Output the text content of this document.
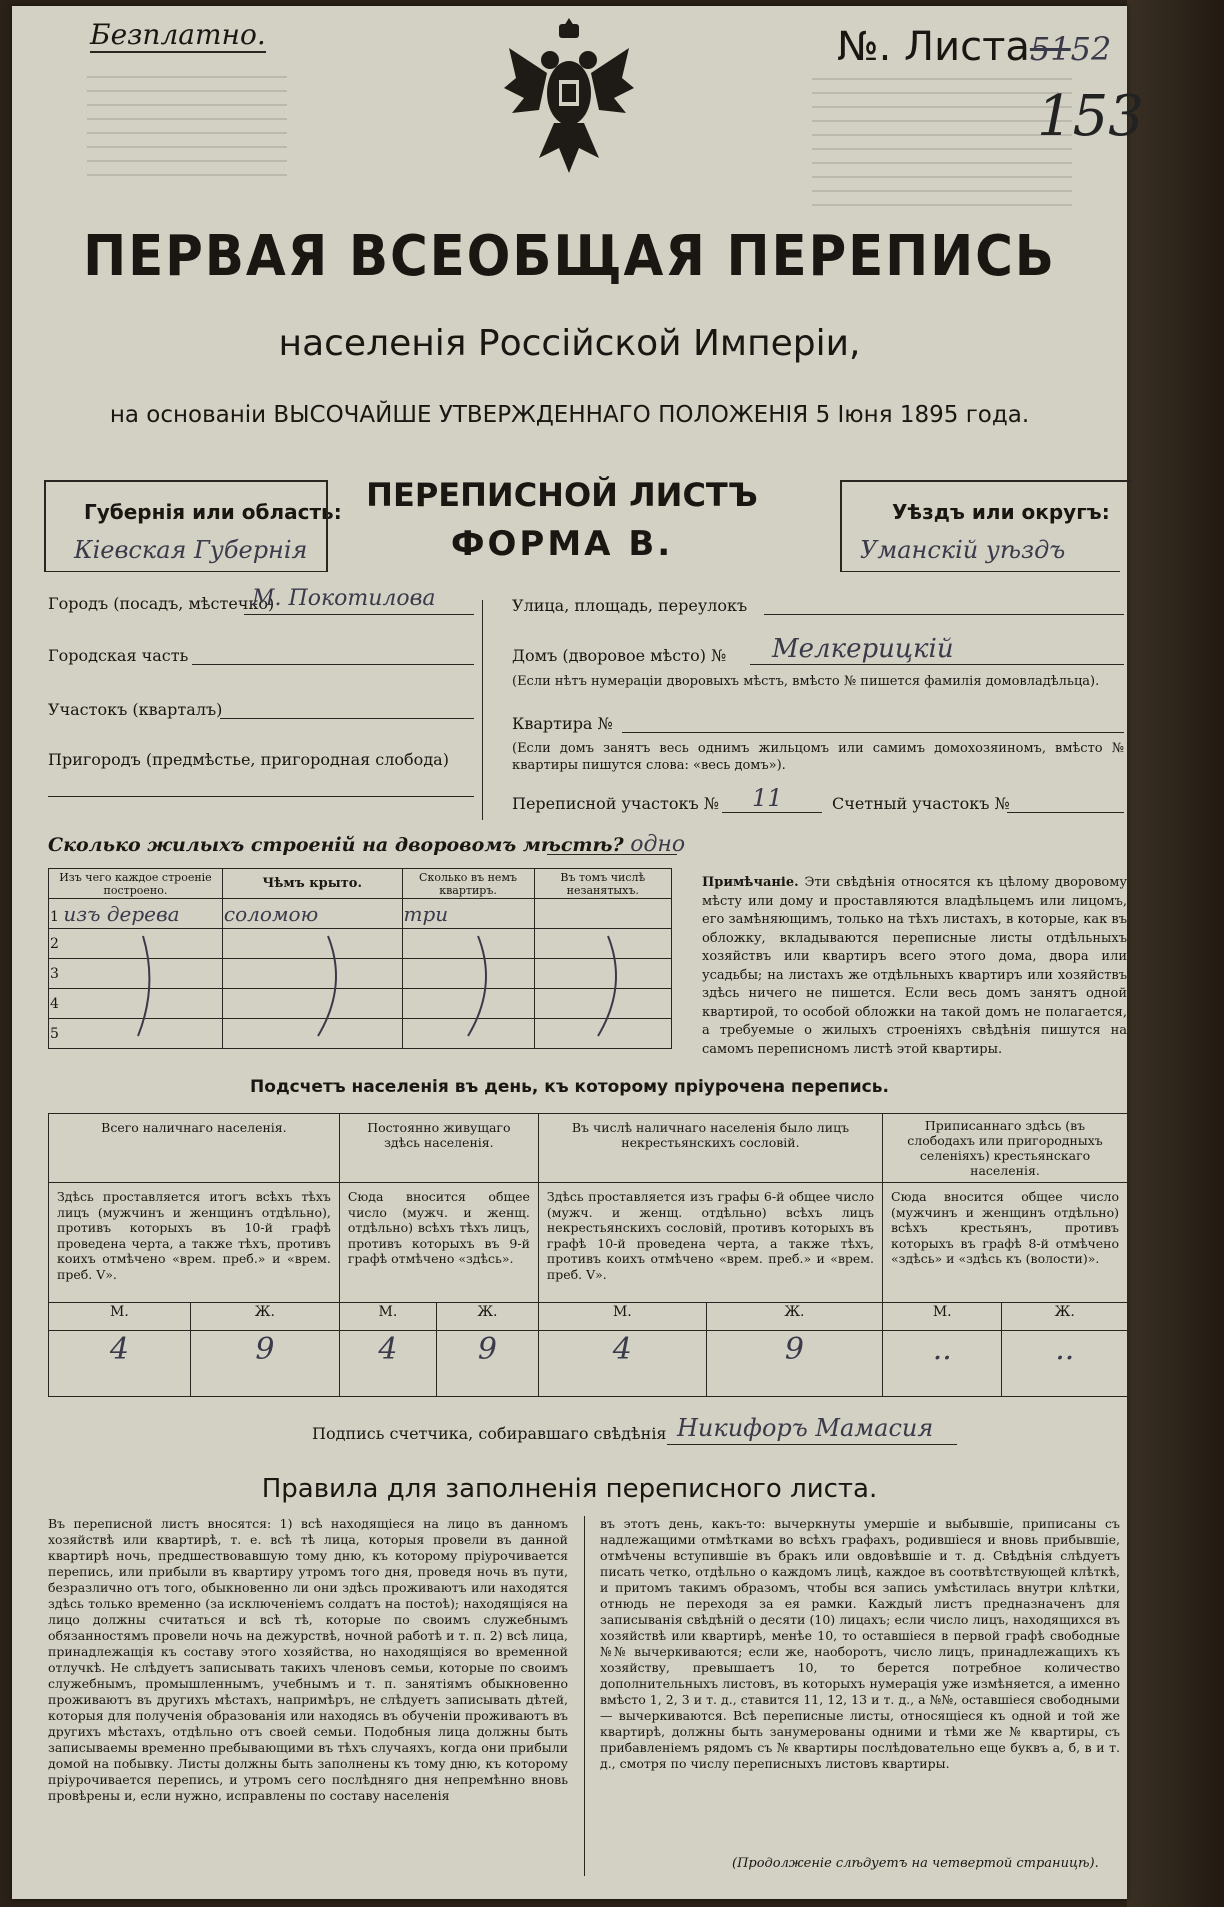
Безплатно.	№. Листа5152
153
ПЕРВАЯ ВСЕОБЩАЯ ПЕРЕПИСЬ
населенія Россійской Имперіи,
на основаніи ВЫСОЧАЙШЕ УТВЕРЖДЕННАГО ПОЛОЖЕНІЯ 5 Іюня 1895 года.
Губернія или область:
Кіевская Губернія
ПЕРЕПИСНОЙ ЛИСТЪ
ФОРМА В.
Уѣздъ или округъ:
Уманскій уѣздъ
Городъ (посадъ, мѣстечко)
М. Покотилова
Городская часть
Участокъ (кварталъ)
Пригородъ (предмѣстье, пригородная слобода)
Улица, площадь, переулокъ
Домъ (дворовое мѣсто) № Мелкерицкій
(Если нѣтъ нумераціи дворовыхъ мѣстъ, вмѣсто № пишется фамилія домовладѣльца).
Квартира №
(Если домъ занятъ весь однимъ жильцомъ или самимъ домохозяиномъ, вмѣсто № квартиры пишутся слова: «весь домъ»).
Переписной участокъ № 11	Счетный участокъ №
Сколько жилыхъ строеній на дворовомъ мѣстѣ? одно
Изъ чего каждое строеніе построено.	Чѣмъ крыто.	Сколько въ немъ квартиръ.	Въ томъ числѣ незанятыхъ.
1 изъ дерева	соломою	три	
2			
3			
4			
5			
Примѣчаніе. Эти свѣдѣнія относятся къ цѣлому дворовому мѣсту или дому и проставляются владѣльцемъ или лицомъ, его замѣняющимъ, только на тѣхъ листахъ, в которые, как въ обложку, вкладываются переписные листы отдѣльныхъ хозяйствъ или квартиръ всего этого дома, двора или усадьбы; на листахъ же отдѣльныхъ квартиръ или хозяйствъ здѣсь ничего не пишется. Если весь домъ занятъ одной квартирой, то особой обложки на такой домъ не полагается, а требуемые о жилыхъ строеніяхъ свѣдѣнія пишутся на самомъ переписномъ листѣ этой квартиры.
Подсчетъ населенія въ день, къ которому пріурочена перепись.
Всего наличнаго населенія.		Постоянно живущаго здѣсь населенія.		Въ числѣ наличнаго населенія было лицъ некрестьянскихъ сословій.		Приписаннаго здѣсь (въ слободахъ или пригородныхъ селеніяхъ) крестьянскаго населенія.	
Здѣсь проставляется итогъ всѣхъ тѣхъ лицъ (мужчинъ и женщинъ отдѣльно), противъ которыхъ въ 10-й графѣ проведена черта, а также тѣхъ, противъ коихъ отмѣчено «врем. преб.» и «врем. преб. V».		Сюда вносится общее число (мужч. и женщ. отдѣльно) всѣхъ тѣхъ лицъ, противъ которыхъ въ 9-й графѣ отмѣчено «здѣсь».		Здѣсь проставляется изъ графы 6-й общее число (мужч. и женщ. отдѣльно) всѣхъ лицъ некрестьянскихъ сословій, противъ которыхъ въ графѣ 10-й проведена черта, а также тѣхъ, противъ коихъ отмѣчено «врем. преб.» и «врем. преб. V».		Сюда вносится общее число (мужчинъ и женщинъ отдѣльно) всѣхъ крестьянъ, противъ которыхъ въ графѣ 8-й отмѣчено «здѣсь» и «здѣсь къ (волости)».	
М.	Ж.	М.	Ж.	М.	Ж.	М.	Ж.
4	9	4	9	4	9	..	..
Подпись счетчика, собиравшаго свѣдѣнія Никифоръ Мамасия
Правила для заполненія переписного листа.
Въ переписной листъ вносятся: 1) всѣ находящіеся на лицо въ данномъ хозяйствѣ или квартирѣ, т. е. всѣ тѣ лица, которыя провели въ данной квартирѣ ночь, предшествовавшую тому дню, къ которому пріурочивается перепись, или прибыли въ квартиру утромъ того дня, проведя ночь въ пути, безразлично отъ того, обыкновенно ли они здѣсь проживаютъ или находятся здѣсь только временно (за исключеніемъ солдатъ на постоѣ); находящіяся на лицо должны считаться и всѣ тѣ, которые по своимъ служебнымъ обязанностямъ провели ночь на дежурствѣ, ночной работѣ и т. п. 2) всѣ лица, принадлежащія къ составу этого хозяйства, но находящіяся во временной отлучкѣ. Не слѣдуетъ записывать такихъ членовъ семьи, которые по своимъ служебнымъ, промышленнымъ, учебнымъ и т. п. занятіямъ обыкновенно проживаютъ въ другихъ мѣстахъ, напримѣръ, не слѣдуетъ записывать дѣтей, которыя для полученія образованія или находясь въ обученіи проживаютъ въ другихъ мѣстахъ, отдѣльно отъ своей семьи. Подобныя лица должны быть записываемы временно пребывающими въ тѣхъ случаяхъ, когда они прибыли домой на побывку. Листы должны быть заполнены къ тому дню, къ которому пріурочивается перепись, и утромъ сего послѣдняго дня непремѣнно вновь провѣрены и, если нужно, исправлены по составу населенія
въ этотъ день, какъ-то: вычеркнуты умершіе и выбывшіе, приписаны съ надлежащими отмѣтками во всѣхъ графахъ, родившіеся и вновь прибывшіе, отмѣчены вступившіе въ бракъ или овдовѣвшіе и т. д. Свѣдѣнія слѣдуетъ писать четко, отдѣльно о каждомъ лицѣ, каждое въ соотвѣтствующей клѣткѣ, и притомъ такимъ образомъ, чтобы вся запись умѣстилась внутри клѣтки, отнюдь не переходя за ея рамки. Каждый листъ предназначенъ для записыванія свѣдѣній о десяти (10) лицахъ; если число лицъ, находящихся въ хозяйствѣ или квартирѣ, менѣе 10, то оставшіеся в первой графѣ свободные №№ вычеркиваются; если же, наоборотъ, число лицъ, принадлежащихъ къ хозяйству, превышаетъ 10, то берется потребное количество дополнительныхъ листовъ, въ которыхъ нумерація уже измѣняется, а именно вмѣсто 1, 2, 3 и т. д., ставится 11, 12, 13 и т. д., а №№, оставшіеся свободными — вычеркиваются. Всѣ переписные листы, относящіеся къ одной и той же квартирѣ, должны быть занумерованы одними и тѣми же № квартиры, съ прибавленіемъ рядомъ съ № квартиры послѣдовательно еще буквъ а, б, в и т. д., смотря по числу переписныхъ листовъ квартиры.
(Продолженіе слѣдуетъ на четвертой страницѣ).
